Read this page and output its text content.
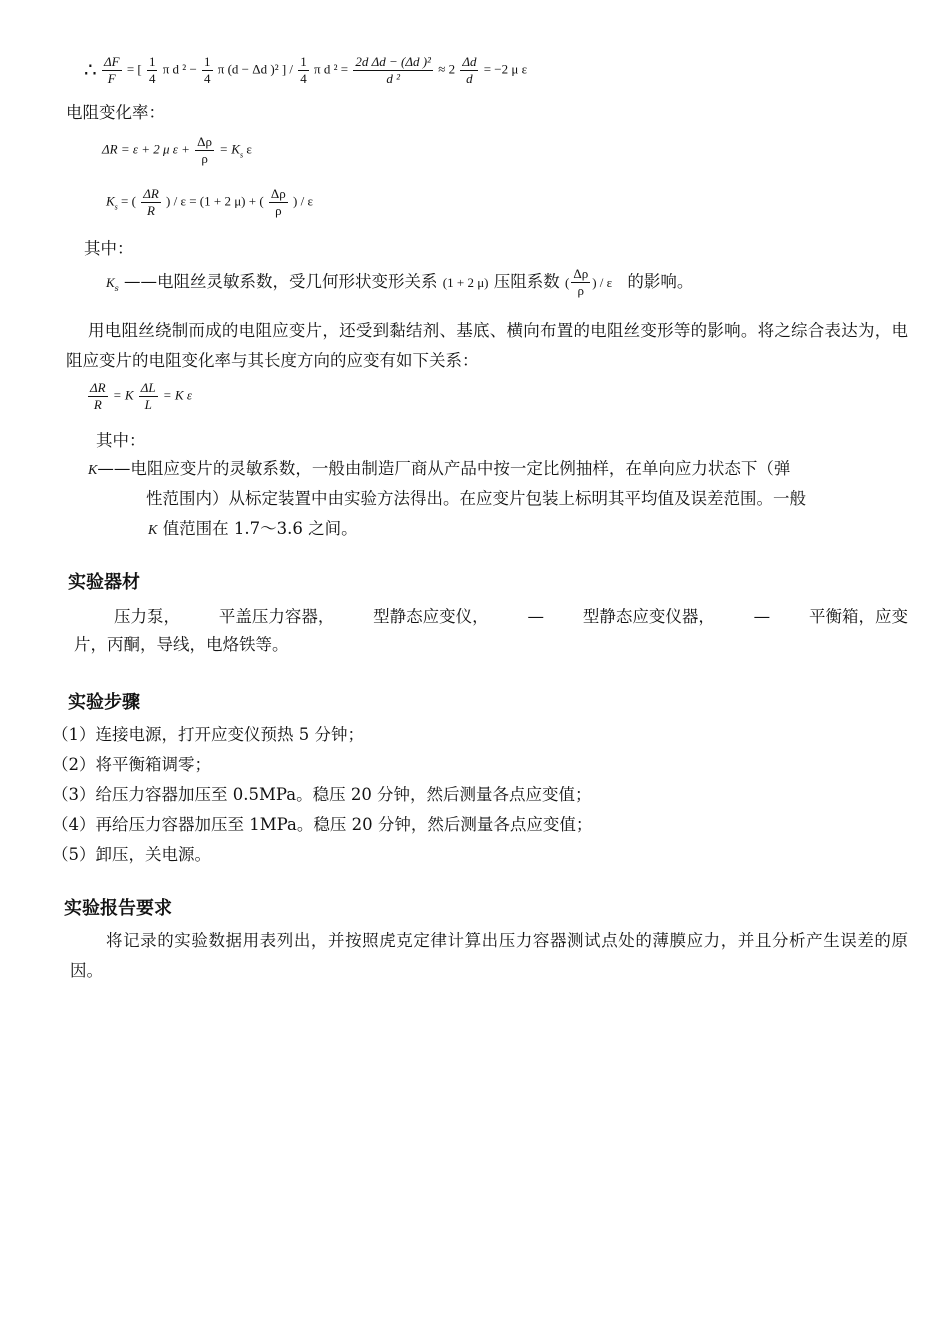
∴ $\frac{\Delta F}{F}$ = [ $\frac{1}{4}$ π d $^2 - \frac{1}{4}$ π (d − Δd )² ] / $\frac{1}{4}$ π d $^2 = \frac{\text{2d Δd − (Δd )²}}{\text{d ²}} \approx 2 \frac{\Delta d}{d} = -2$ μ ε
电阻变化率：
ΔR = ε + 2 μ $\varepsilon + \frac{\Delta\rho}{\rho} = K_s$ ε
$K_s$ = ( $\frac{\Delta R}{R}$ ) / ε = (1 + 2 μ) + ( $\frac{\Delta\rho}{\rho}$ ) / ε
其中：
$K_s$ ——电阻丝灵敏系数，受几何形状变形关系 (1 + 2 μ) 压阻系数 ( $\frac{\Delta\rho}{\rho}$ ) / ε 的影响。
用电阻丝绕制而成的电阻应变片，还受到黏结剂、基底、横向布置的电阻丝变形等的影响。将之综合表达为，电阻应变片的电阻变化率与其长度方向的应变有如下关系：
$\frac{\Delta R}{R} = K \frac{\Delta L}{L} = K$ ε
其中：
K——电阻应变片的灵敏系数，一般由制造厂商从产品中按一定比例抽样，在单向应力状态下（弹
性范围内）从标定装置中由实验方法得出。在应变片包装上标明其平均值及误差范围。一般
K 值范围在 1.7～3.6 之间。
实验器材
压力泵， 平盖压力容器， 型静态应变仪， — 型静态应变仪器， — 平衡箱，应变
片，丙酮，导线，电烙铁等。
实验步骤
（1）连接电源，打开应变仪预热 5 分钟；
（2）将平衡箱调零；
（3）给压力容器加压至 0.5MPa。稳压 20 分钟，然后测量各点应变值；
（4）再给压力容器加压至 1MPa。稳压 20 分钟，然后测量各点应变值；
（5）卸压，关电源。
实验报告要求
将记录的实验数据用表列出，并按照虎克定律计算出压力容器测试点处的薄膜应力，并且分析产生误差的原因。
